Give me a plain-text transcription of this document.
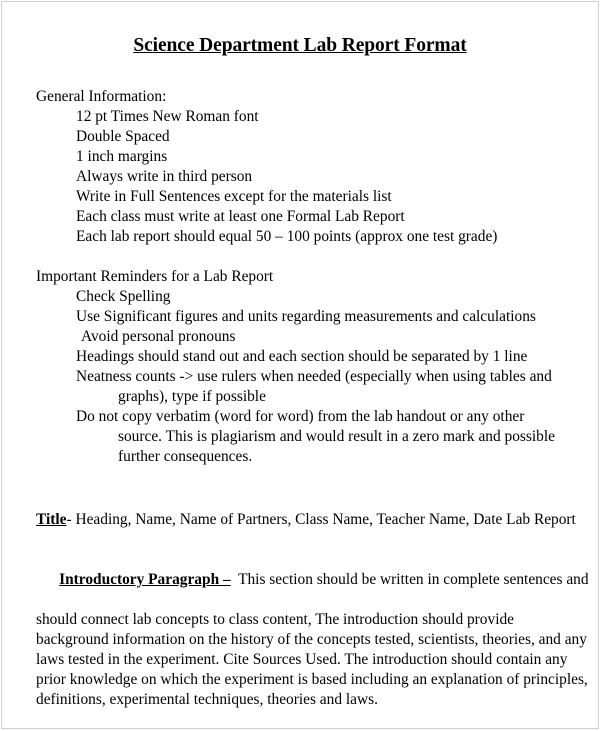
Science Department Lab Report Format
General Information:
12 pt Times New Roman font
Double Spaced
1 inch margins
Always write in third person
Write in Full Sentences except for the materials list
Each class must write at least one Formal Lab Report
Each lab report should equal 50 – 100 points (approx one test grade)
Important Reminders for a Lab Report
Check Spelling
Use Significant figures and units regarding measurements and calculations
Avoid personal pronouns
Headings should stand out and each section should be separated by 1 line
Neatness counts -> use rulers when needed (especially when using tables and
graphs), type if possible
Do not copy verbatim (word for word) from the lab handout or any other
source. This is plagiarism and would result in a zero mark and possible
further consequences.
Title- Heading, Name, Name of Partners, Class Name, Teacher Name, Date Lab Report

Introductory Paragraph –  This section should be written in complete sentences and

should connect lab concepts to class content, The introduction should provide
background information on the history of the concepts tested, scientists, theories, and any
laws tested in the experiment. Cite Sources Used. The introduction should contain any
prior knowledge on which the experiment is based including an explanation of principles,
definitions, experimental techniques, theories and laws.
